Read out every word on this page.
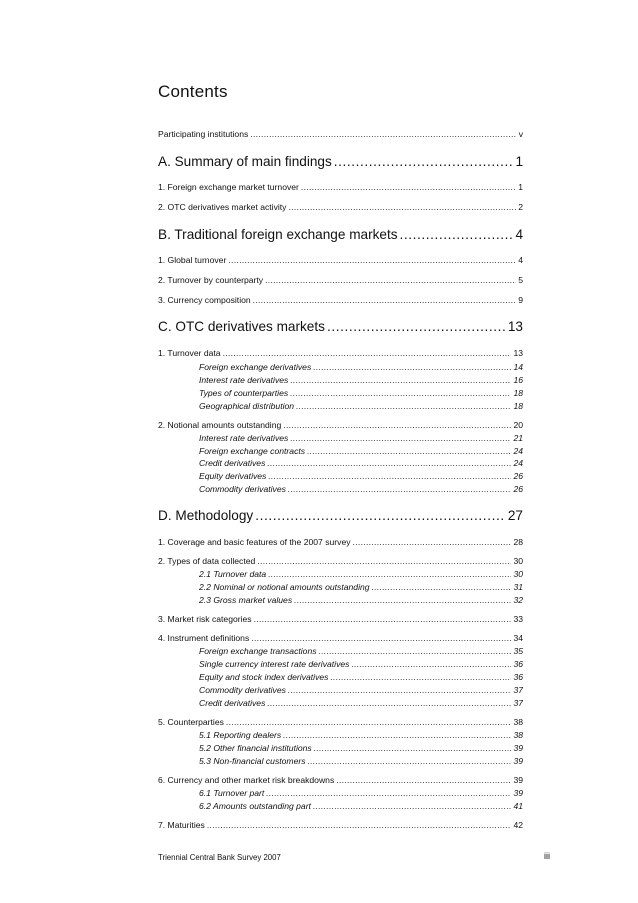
Contents
Participating institutions .....	v
A. Summary of main findings .....	1
1. Foreign exchange market turnover .....	1
2. OTC derivatives market activity .....	2
B. Traditional foreign exchange markets .....	4
1. Global turnover .....	4
2. Turnover by counterparty .....	5
3. Currency composition .....	9
C. OTC derivatives markets .....	13
1. Turnover data .....	13
Foreign exchange derivatives .....	14
Interest rate derivatives .....	16
Types of counterparties .....	18
Geographical distribution .....	18
2. Notional amounts outstanding .....	20
Interest rate derivatives .....	21
Foreign exchange contracts .....	24
Credit derivatives .....	24
Equity derivatives .....	26
Commodity derivatives .....	26
D. Methodology .....	27
1. Coverage and basic features of the 2007 survey .....	28
2. Types of data collected .....	30
2.1 Turnover data .....	30
2.2 Nominal or notional amounts outstanding .....	31
2.3 Gross market values .....	32
3. Market risk categories .....	33
4. Instrument definitions .....	34
Foreign exchange transactions .....	35
Single currency interest rate derivatives .....	36
Equity and stock index derivatives .....	36
Commodity derivatives .....	37
Credit derivatives .....	37
5. Counterparties .....	38
5.1 Reporting dealers .....	38
5.2 Other financial institutions .....	39
5.3 Non-financial customers .....	39
6. Currency and other market risk breakdowns .....	39
6.1 Turnover part .....	39
6.2 Amounts outstanding part .....	41
7. Maturities .....	42
Triennial Central Bank Survey 2007	iii
